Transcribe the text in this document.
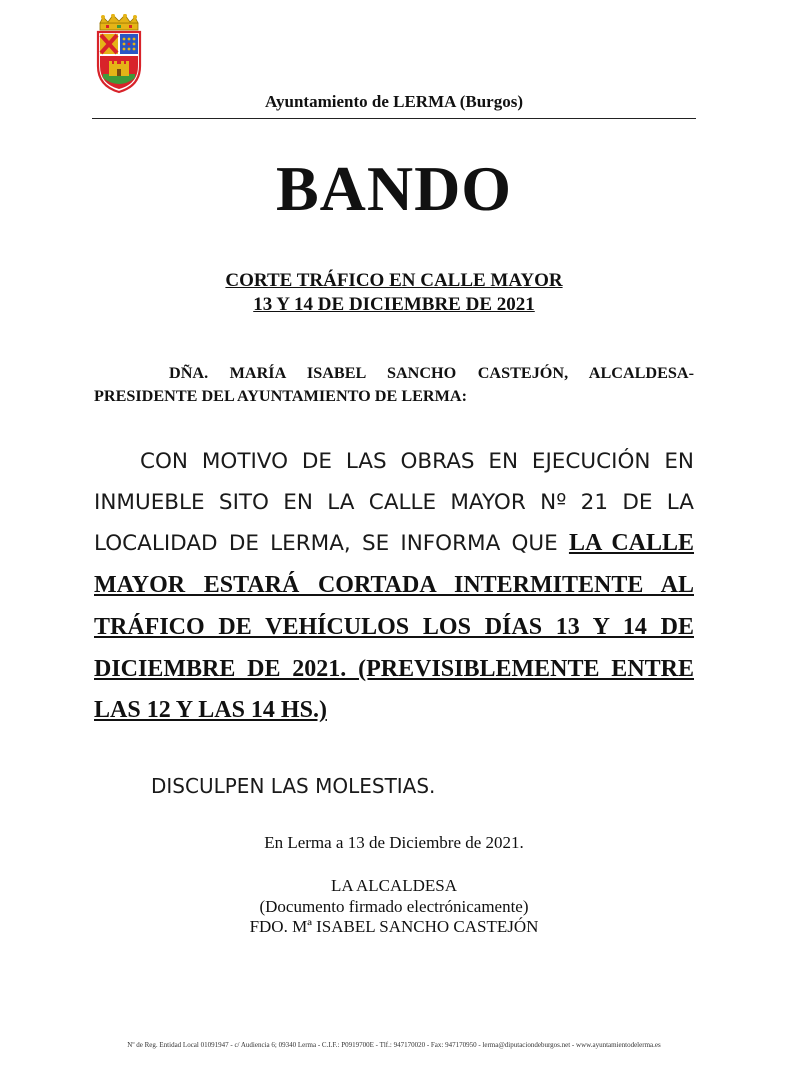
Ayuntamiento de LERMA (Burgos)
BANDO
CORTE TRÁFICO EN CALLE MAYOR
13 Y 14 DE DICIEMBRE DE 2021
DÑA. MARÍA ISABEL SANCHO CASTEJÓN, ALCALDESA-PRESIDENTE DEL AYUNTAMIENTO DE LERMA:
CON MOTIVO DE LAS OBRAS EN EJECUCIÓN EN INMUEBLE SITO EN LA CALLE MAYOR Nº 21 DE LA LOCALIDAD DE LERMA, SE INFORMA QUE LA CALLE MAYOR ESTARÁ CORTADA INTERMITENTE AL TRÁFICO DE VEHÍCULOS LOS DÍAS 13 Y 14 DE DICIEMBRE DE 2021. (PREVISIBLEMENTE ENTRE LAS 12 Y LAS 14 HS.)
DISCULPEN LAS MOLESTIAS.
En Lerma a 13 de Diciembre de 2021.
LA ALCALDESA
(Documento firmado electrónicamente)
FDO. Mª ISABEL SANCHO CASTEJÓN
Nº de Reg. Entidad Local 01091947 - c/ Audiencia 6; 09340 Lerma - C.I.F.: P0919700E - Tlf.: 947170020 - Fax: 947170950 - lerma@diputaciondeburgos.net - www.ayuntamientodelerma.es
